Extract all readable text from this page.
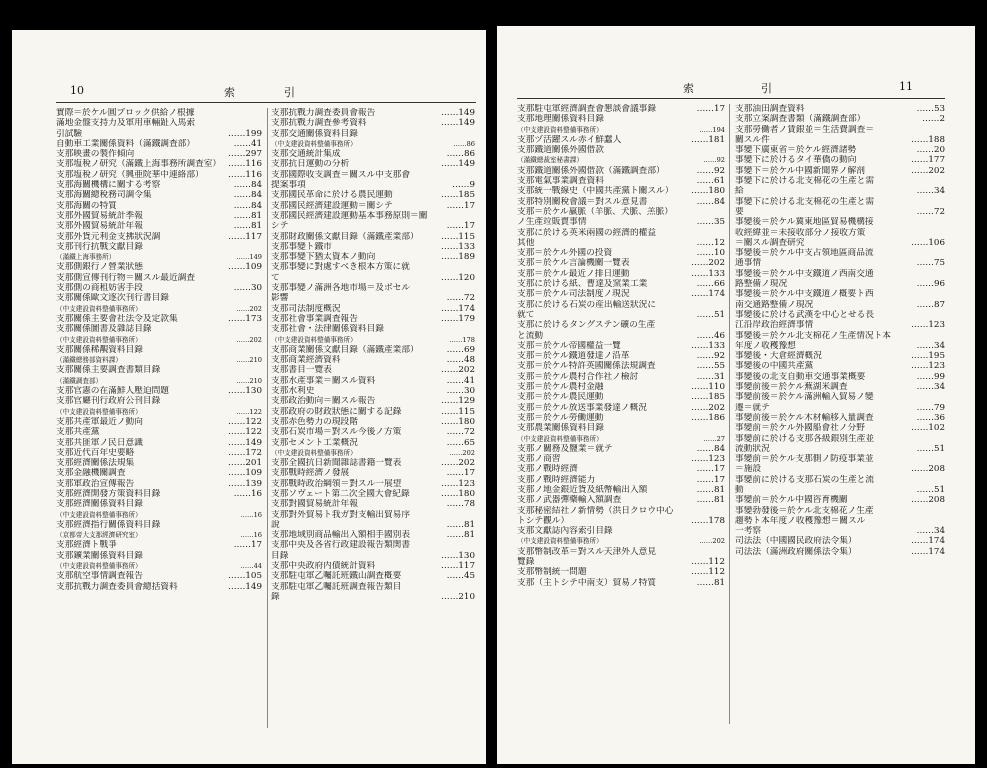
10	索	引
實際＝於ケル圓ブロック供給ノ根據
滿地金盤支持力及軍用車輛趾入馬索
引試驗	……199
自動車工業關係資料（滿鐵調査部）	……41
支那映畫の製作傾向	……297
支那塩稅ノ研究（滿鐵上海事務所調査室） ……116
支那塩稅ノ研究（興亜院華中連絡部）	……116
支那海關機構に關する考察	……84
支那海關總稅務司調令集	……84
支那海關の特質	……84
支那外國貿易統計季報	……81
支那外國貿易統計年報	……81
支那外貨元利金支拂狀況調	……117
支那刊行抗戰文獻目錄
（滿鐵上海事務所）	……149
支那側銀行ノ營業狀態	……109
支那側宣傳刊行物＝關スル最近調査
支那側の商租妨害手段	……30
支那關係歐文逐次刊行書目錄
（中支建設資料整備事務所）	……202
支那關係主要會社法令及定款集	……173
支那關係圖書及雜誌目錄
（中支建設資料整備事務所）	……202
支那關係稀覯資料目錄
（滿鐵總務部資料課）	……210
支那關係主要調査書類目錄
（滿鐵調査部）	……210
支那官憲の在滿鮮人壓迫問題	……130
支那官廳刊行政府公刊目錄
（中支建設資料整備事務所）	……122
支那共產軍最近ノ動向	……122
支那共產黨	……122
支那共匪軍ノ民日意識	……149
支那近代百年史要略	……172
支那經濟關係法規集	……201
支那金融機關調査	……109
支那軍政治宣傳報告	……139
支那經濟開發方策資料目錄	……16
支那經濟關係資料目錄
（中支建設資料整備事務所）	……16
支那經濟指行關係資料目錄
（京都帝大支那經濟研究室）	……16
支那經濟ト戰爭	……17
支那鑛業關係資料目錄
（中支建設資料整備事務所）	……44
支那航空事情調査報告	……105
支那抗戰力調査委員會總括資料	……149
支那抗戰力調査委員會報告	……149
支那抗戰力調査參考資料	……149
支那交通關係資料目錄
（中支建設資料整備事務所）	……86
支那交通統計集成	……86
支那抗日運動の分析	……149
支那國際收支調査＝關スル中支那會
提案事項	……9
支那國民革命に於ける農民運動	……185
支那國民經濟建設運動＝關シテ	……17
支那國民經濟建設運動基本事務原則＝關
シテ	……17
支那財政關係文獻目錄（滿鐵產業部）	……115
支那事變ト鐵市	……133
支那事變下猶太資本ノ動向	……189
支那事變に對處すべき根本方策に就
て	……120
支那事變ノ滿洲各地市場＝及ボセル
影響	……72
支那司法制度概況	……174
支那社會事業調査報告	……179
支那社會・法律關係資料目錄
（中支建設資料整備事務所）	……178
支那商業關係文獻目錄（滿鐵產業部）	……69
支那商業經濟資料	……48
支那書目一覽表	……202
支那水產事業＝關スル資料	……41
支那水利史	……30
支那政治動向＝關スル報告	……129
支那政府の財政狀態に關する記錄	……115
支那赤色勢力の現段階	……180
支那石炭市場＝對スル今後ノ方策	……72
支那セメント工業概況	……65
（中支建設資料整備事務所）	……202
支那全國抗日新聞雜誌書籍一覽表	……202
支那戰時經濟ノ發展	……17
支那戰時政治綱領＝對スル一展望	……123
支那ソヴェート第二次全國大會紀錄	……180
支那對國貿易統計年報	……78
支那對外貿易ト我ガ對支輸出貿易序
說	……81
支那地域別商品輸出入額相手國別表	……81
支那中央及各省行政建設報告類関書
目錄	……130
支那中央政府内債統計資料	……117
支那駐屯軍乙囑託班鐵山調査槪要	……45
支那駐屯軍乙囑託班調査報告類目
錄	……210
索	引	11
支那駐屯軍經濟調査會懇談會議事錄	……17
支那地理關係資料目錄
（中支建設資料整備事務所）	……194
支那ヅ活躍スル赤イ鮮蠢人	……181
支那鐵道關係外國借款
（滿鐵總裁室秘書課）	……92
支那鐵道關係外國借款（滿鐵調査部）	……92
支那電氣事業調査資料	……61
支那統一戰線史（中國共產黨ト關スル） ……180
支那特別關稅會議＝對スル意見書	……84
支那＝於ケル羸脈（羊脈、犬脈、羔脈）
ノ生產竝販賣事情	……35
支那に於ける英米兩國の經濟的權益
其他	……12
支那＝於ケル外國の投資	……10
支那＝於ケル言論機關一覽表	……202
支那＝於ケル最近ノ排日運動	……133
支那に於ける紙、曹達及窯業工業	……66
支那＝於ケル司法制度ノ現況	……174
支那に於ける石炭の産出輸送狀況に
就て	……51
支那に於けるタングステン礦の生產
と流動	……46
支那＝於ケル帝國權益一覽	……133
支那＝於ケル鐵道發達ノ沿革	……92
支那＝於ケル特許英國關係法規調査	……55
支那＝於ケル農村合作社ノ檢討	……31
支那＝於ケル農村金融	……110
支那＝於ケル農民運動	……185
支那＝於ケル放送事業發達ノ概況	……202
支那＝於ケル勞働運動	……186
支那農業關係資料目錄
（中支建設資料整備事務所）	……27
支那ノ關務及鹽業＝就テ	……84
支那ノ商習	……123
支那ノ戰時經濟	……17
支那ノ戰時經濟能力	……17
支那ノ地金銀近貨及紙幣輸出入額	……81
支那ノ武器彈藥輸入額調査	……81
支那秘密結社ノ新情勢（洪日クロウ中心
トシテ觀ル）	……178
支那文獻誌內容索引目錄
（中支建設資料整備事務所）	……202
支那幣制改革＝對スル天津外人意見
覽錄	……112
支那幣制統一問題	……112
支那（主トシテ中南支）貿易ノ特質	……81
支那油田調査資料	……53
支那立案調査書類（滿鐵調査部）	……2
支那勞働者ノ賃銀並＝生活費調査＝
關スル件	……188
事變下廣東省＝於ケル經濟諸勢	……20
事變下に於けるタイ華僑の動向	……177
事變下＝於ケル中國新聞界ノ解剖	……202
事變下に於ける北支棉花の生產と需
給	……34
事變下に於ける北支棉花の生產と需
要	……72
事變後＝於ケル冀東地區貿易機構接
收經緯並＝未接收部分ノ接收方策
＝關スル調査研究	……106
事變後＝於ケル中支占領地區商品流
通事情	……75
事變後＝於ケル中支鐵道ノ西南交通
路整備ノ現况	……96
事變後＝於ケル中支鐵道ノ槪要ト西
南交通路整備ノ現况	……87
事變後に於ける武漢を中心とせる長
江沿岸政治經濟事情	……123
事變後＝於ケル北支棉花ノ生產情况ト本
年度ノ收穫豫想	……34
事變後・大倉經濟槪況	……195
事變後の中國共產黨	……123
事變後の北支自動車交通事業概要	……99
事變前後＝於ケル蕪湖米調査	……34
事變前後＝於ケル滿洲輸入貿易ノ變
遷＝就テ	……79
事變前後＝於ケル木材輸移入量調査	……36
事變前＝於ケル外國船會社ノ分野	……102
事變前に於ける支那各級銀別生產並
流動狀況	……51
事變前＝於ケル支那側ノ防疫事業並
＝施設	……208
事變前に於ける支那石炭の生產と流
動	……51
事變前＝於ケル中國咨育機關	……208
事變勃發後＝於ケル北支棉花ノ生產
趨勢ト本年度ノ收穫豫想＝關スル
一考察	……34
司法法（中國國民政府法令集）	……174
司法法（滿洲政府關係法令集）	……174
